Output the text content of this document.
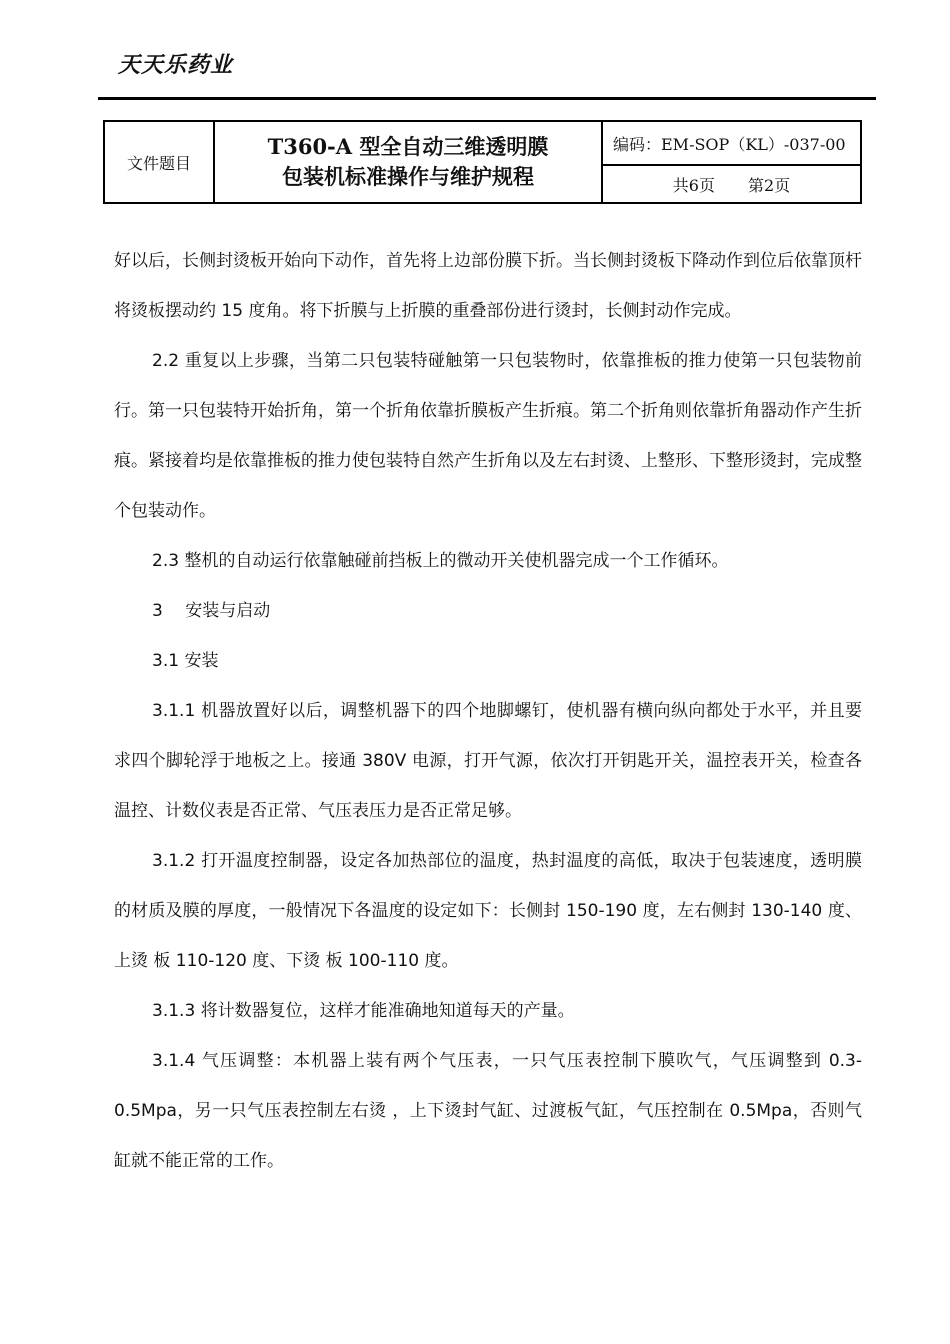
天天乐药业
文件题目	
T360-A 型全自动三维透明膜
包装机标准操作与维护规程
	编码：EM-SOP（KL）-037-00
共6页 第2页

好以后，长侧封烫板开始向下动作，首先将上边部份膜下折。当长侧封烫板下降动作到位后依靠顶杆将烫板摆动约 15 度角。将下折膜与上折膜的重叠部份进行烫封，长侧封动作完成。

2.2 重复以上步骤，当第二只包装特碰触第一只包装物时，依靠推板的推力使第一只包装物前行。第一只包装特开始折角，第一个折角依靠折膜板产生折痕。第二个折角则依靠折角器动作产生折痕。紧接着均是依靠推板的推力使包装特自然产生折角以及左右封烫、上整形、下整形烫封，完成整个包装动作。

2.3 整机的自动运行依靠触碰前挡板上的微动开关使机器完成一个工作循环。

3　 安装与启动

3.1 安装

3.1.1 机器放置好以后，调整机器下的四个地脚螺钉，使机器有横向纵向都处于水平，并且要求四个脚轮浮于地板之上。接通 380V 电源，打开气源，依次打开钥匙开关，温控表开关，检查各温控、计数仪表是否正常、气压表压力是否正常足够。

3.1.2 打开温度控制器，设定各加热部位的温度，热封温度的高低，取决于包装速度，透明膜的材质及膜的厚度，一般情况下各温度的设定如下：长侧封 150-190 度，左右侧封 130-140 度、上烫 板 110-120 度、下烫 板 100-110 度。

3.1.3 将计数器复位，这样才能准确地知道每天的产量。

3.1.4 气压调整：本机器上装有两个气压表，一只气压表控制下膜吹气，气压调整到 0.3-0.5Mpa，另一只气压表控制左右烫 ，上下烫封气缸、过渡板气缸，气压控制在 0.5Mpa，否则气缸就不能正常的工作。
